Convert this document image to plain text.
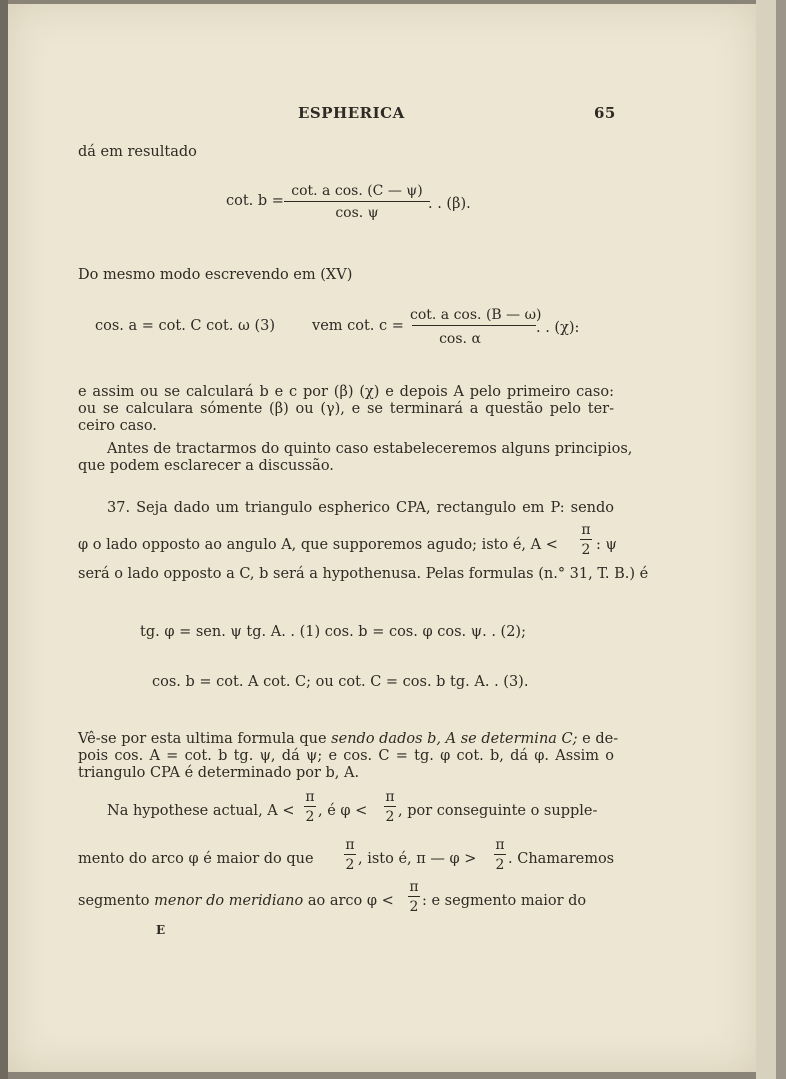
ESPHERICA	65
dá em resultado
cot. b =
cot. a cos. (C — ψ)
cos. ψ
. . (β).
Do mesmo modo escrevendo em (XV)
cos. a = cot. C cot. ω (3)	vem cot. c =
cot. a cos. (B — ω)
cos. α
. . (χ):
e assim ou se calculará b e c por (β) (χ) e depois A pelo primeiro caso:
ou se calculara sómente (β) ou (γ), e se terminará a questão pelo ter-
ceiro caso.
Antes de tractarmos do quinto caso estabeleceremos alguns principios,
que podem esclarecer a discussão.
37. Seja dado um triangulo espherico CPA, rectangulo em P: sendo
φ o lado opposto ao angulo A, que supporemos agudo; isto é, A <
π
2 : ψ
será o lado opposto a C, b será a hypothenusa. Pelas formulas (n.° 31, T. B.) é
tg. φ = sen. ψ tg. A. . (1) cos. b = cos. φ cos. ψ. . (2);
cos. b = cot. A cot. C; ou cot. C = cos. b tg. A. . (3).
Vê-se por esta ultima formula que sendo dados b, A se determina C; e de-
pois cos. A = cot. b tg. ψ, dá ψ; e cos. C = tg. φ cot. b, dá φ. Assim o
triangulo CPA é determinado por b, A.
Na hypothese actual, A <
π
2 , é φ <
π
2 , por conseguinte o supple-
mento do arco φ é maior do que
π
2 , isto é, π — φ >
π
2 . Chamaremos
segmento menor do meridiano ao arco φ <
π
2 : e segmento maior do
E
